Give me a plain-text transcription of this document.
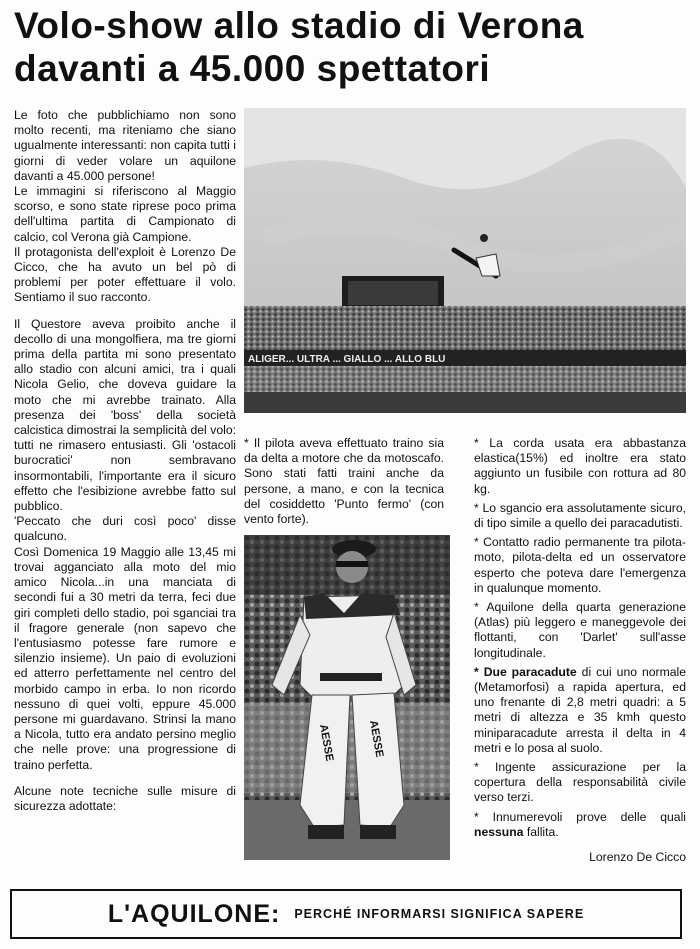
Volo-show allo stadio di Verona
davanti a 45.000 spettatori

Le foto che pubblichiamo non sono molto recenti, ma riteniamo che siano ugualmente interessanti: non capita tutti i giorni di veder volare un aquilone davanti a 45.000 persone!

Le immagini si riferiscono al Maggio scorso, e sono state riprese poco prima dell'ultima partita di Campionato di calcio, col Verona già Campione.

Il protagonista dell'exploit è Lorenzo De Cicco, che ha avuto un bel pò di problemi per poter effettuare il volo. Sentiamo il suo racconto.

Il Questore aveva proibito anche il decollo di una mongolfiera, ma tre giorni prima della partita mi sono presentato allo stadio con alcuni amici, tra i quali Nicola Gelio, che doveva guidare la moto che mi avrebbe trainato. Alla presenza dei 'boss' della società calcistica dimostrai la semplicità del volo: tutti ne rimasero entusiasti. Gli 'ostacoli burocratici' non sembravano insormontabili, l'importante era il sicuro effetto che l'esibizione avrebbe fatto sul pubblico.

'Peccato che duri così poco' disse qualcuno.

Così Domenica 19 Maggio alle 13,45 mi trovai agganciato alla moto del mio amico Nicola...in una manciata di secondi fui a 30 metri da terra, feci due giri completi dello stadio, poi sganciai tra il fragore generale (non sapevo che l'entusiasmo potesse fare rumore e silenzio insieme). Un paio di evoluzioni ed atterro perfettamente nel centro del morbido campo in erba. Io non ricordo nessuno di quei volti, eppure 45.000 persone mi guardavano. Strinsi la mano a Nicola, tutto era andato persino meglio che nelle prove: una progressione di traino perfetta.

Alcune note tecniche sulle misure di sicurezza adottate:

ALIGER... ULTRA ... GIALLO ... ALLO BLU

* Il pilota aveva effettuato traino sia da delta a motore che da motoscafo. Sono stati fatti traini anche da persone, a mano, e con la tecnica del cosiddetto 'Punto fermo' (con vento forte).

AESSE	AESSE

* La corda usata era abbastanza elastica(15%) ed inoltre era stato aggiunto un fusibile con rottura ad 80 kg.

* Lo sgancio era assolutamente sicuro, di tipo simile a quello dei paracadutisti.

* Contatto radio permanente tra pilota-moto, pilota-delta ed un osservatore esperto che poteva dare l'emergenza in qualunque momento.

* Aquilone della quarta generazione (Atlas) più leggero e maneggevole dei flottanti, con 'Darlet' sull'asse longitudinale.

* Due paracadute di cui uno normale (Metamorfosi) a rapida apertura, ed uno frenante di 2,8 metri quadri: a 5 metri di altezza e 35 kmh questo miniparacadute arresta il delta in 4 metri e lo posa al suolo.

* Ingente assicurazione per la copertura della responsabilità civile verso terzi.

* Innumerevoli prove delle quali nessuna fallita.

Lorenzo De Cicco

L'AQUILONE: PERCHÉ INFORMARSI SIGNIFICA SAPERE
